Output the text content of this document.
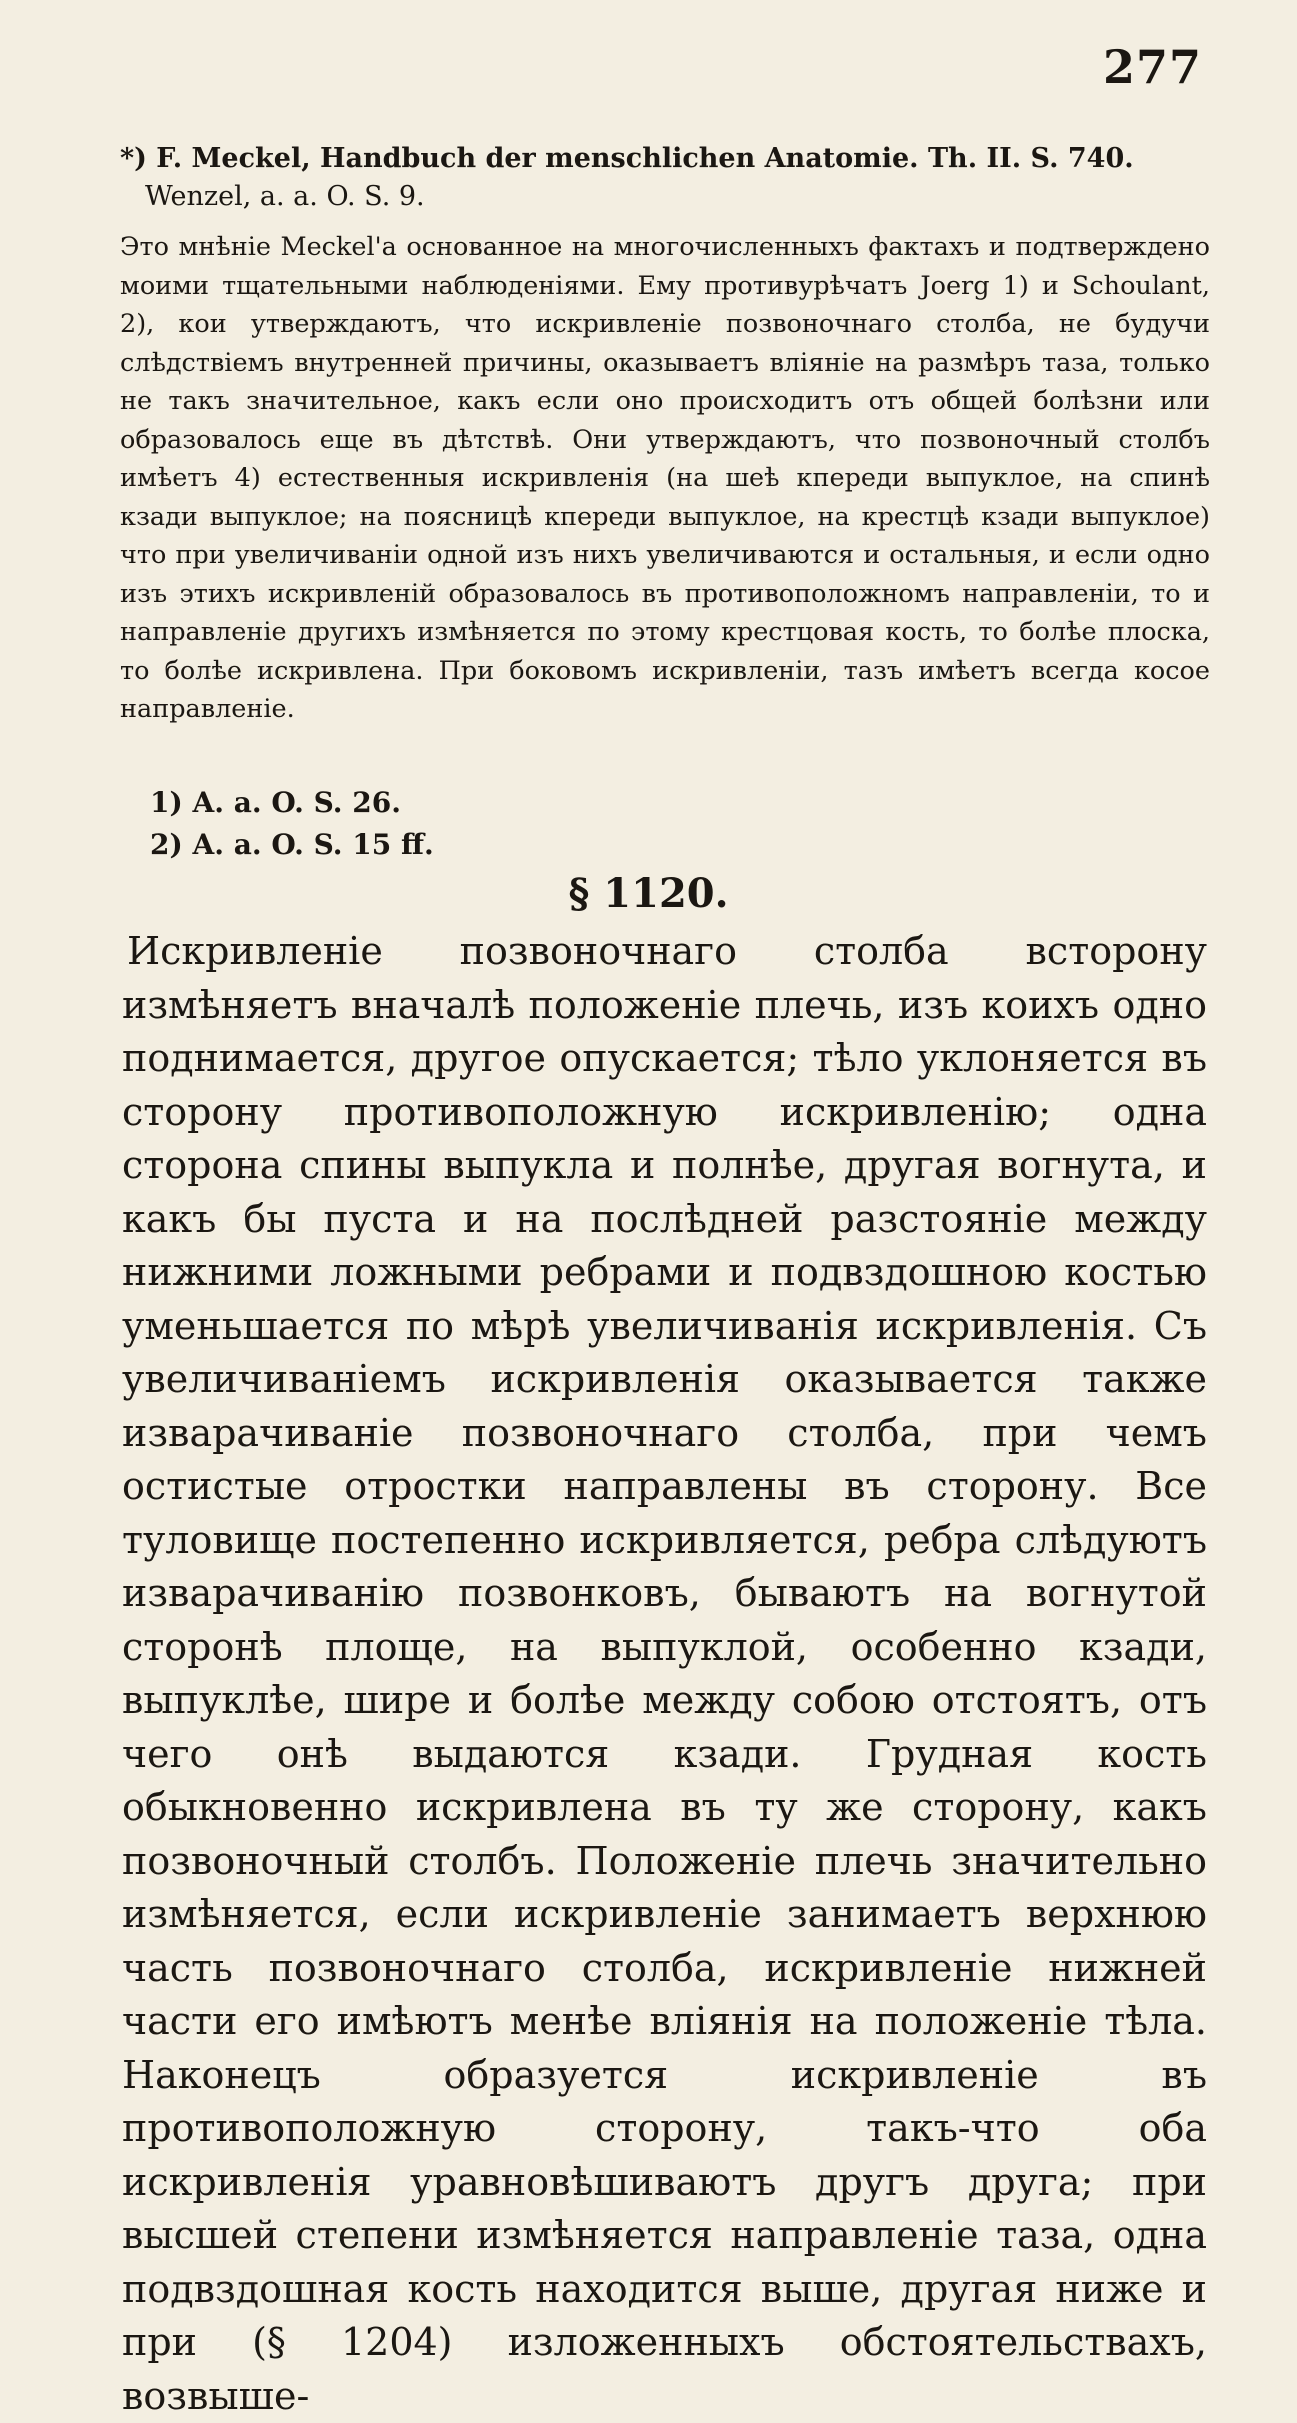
277
*) F. Meckel, Handbuch der menschlichen Anatomie. Th. II. S. 740.
Wenzel, a. a. O. S. 9.
Это мнѣніе Meckel'а основанное на многочисленныхъ фактахъ и подтверждено моими тщательными наблюденіями. Ему противурѣчатъ Joerg 1) и Schoulant, 2), кои утверждаютъ, что искривленіе позвоночнаго столба, не будучи слѣдствіемъ внутренней причины, оказываетъ вліяніе на размѣръ таза, только не такъ значительное, какъ если оно происходитъ отъ общей болѣзни или образовалось еще въ дѣтствѣ. Они утверждаютъ, что позвоночный столбъ имѣетъ 4) естественныя искривленія (на шеѣ кпереди выпуклое, на спинѣ кзади выпуклое; на поясницѣ кпереди выпуклое, на крестцѣ кзади выпуклое) что при увеличиваніи одной изъ нихъ увеличиваются и остальныя, и если одно изъ этихъ искривленій образовалось въ противоположномъ направленіи, то и направленіе другихъ измѣняется по этому крестцовая кость, то болѣе плоска, то болѣе искривлена. При боковомъ искривленіи, тазъ имѣетъ всегда косое направленіе.
1) A. a. O. S. 26.
2) A. a. O. S. 15 ff.
§ 1120.
Искривленіе позвоночнаго столба всторону измѣняетъ вначалѣ положеніе плечь, изъ коихъ одно поднимается, другое опускается; тѣло уклоняется въ сторону противоположную искривленію; одна сторона спины выпукла и полнѣе, другая вогнута, и какъ бы пуста и на послѣдней разстояніе между нижними ложными ребрами и подвздошною костью уменьшается по мѣрѣ увеличиванія искривленія. Съ увеличиваніемъ искривленія оказывается также изварачиваніе позвоночнаго столба, при чемъ остистые отростки направлены въ сторону. Все туловище постепенно искривляется, ребра слѣдуютъ изварачиванію позвонковъ, бываютъ на вогнутой сторонѣ площе, на выпуклой, особенно кзади, выпуклѣе, шире и болѣе между собою отстоятъ, отъ чего онѣ выдаются кзади. Грудная кость обыкновенно искривлена въ ту же сторону, какъ позвоночный столбъ. Положеніе плечь значительно измѣняется, если искривленіе занимаетъ верхнюю часть позвоночнаго столба, искривленіе нижней части его имѣютъ менѣе вліянія на положеніе тѣла. Наконецъ образуется искривленіе въ противоположную сторону, такъ-что оба искривленія уравновѣшиваютъ другъ друга; при высшей степени измѣняется направленіе таза, одна подвздошная кость находится выше, другая ниже и при (§ 1204) изложенныхъ обстоятельствахъ, возвыше-
